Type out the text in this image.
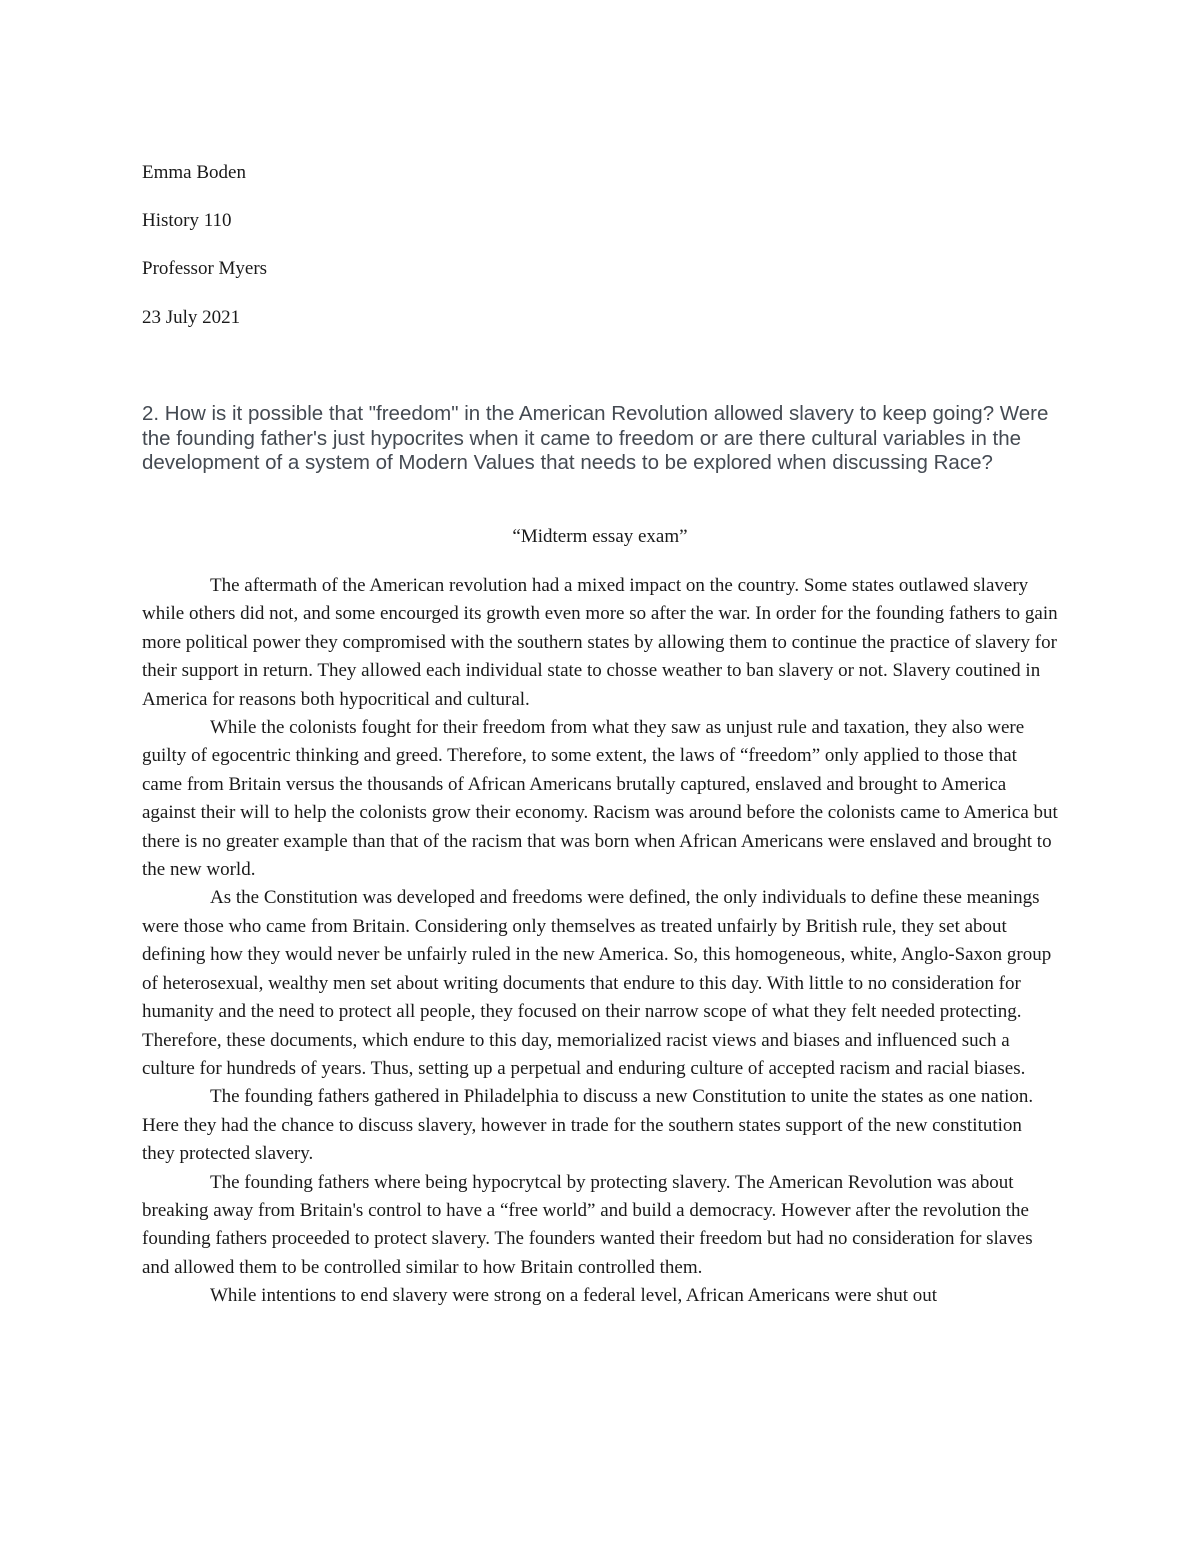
Emma Boden

History 110

Professor Myers

23 July 2021

2. How is it possible that "freedom" in the American Revolution allowed slavery to keep going? Were the founding father's just hypocrites when it came to freedom or are there cultural variables in the development of a system of Modern Values that needs to be explored when discussing Race?

“Midterm essay exam”

The aftermath of the American revolution had a mixed impact on the country. Some states outlawed slavery while others did not, and some encourged its growth even more so after the war. In order for the founding fathers to gain more political power they compromised with the southern states by allowing them to continue the practice of slavery for their support in return. They allowed each individual state to chosse weather to ban slavery or not. Slavery coutined in America for reasons both hypocritical and cultural.

While the colonists fought for their freedom from what they saw as unjust rule and taxation, they also were guilty of egocentric thinking and greed. Therefore, to some extent, the laws of “freedom” only applied to those that came from Britain versus the thousands of African Americans brutally captured, enslaved and brought to America against their will to help the colonists grow their economy. Racism was around before the colonists came to America but there is no greater example than that of the racism that was born when African Americans were enslaved and brought to the new world.

As the Constitution was developed and freedoms were defined, the only individuals to define these meanings were those who came from Britain. Considering only themselves as treated unfairly by British rule, they set about defining how they would never be unfairly ruled in the new America. So, this homogeneous, white, Anglo-Saxon group of heterosexual, wealthy men set about writing documents that endure to this day. With little to no consideration for humanity and the need to protect all people, they focused on their narrow scope of what they felt needed protecting. Therefore, these documents, which endure to this day, memorialized racist views and biases and influenced such a culture for hundreds of years. Thus, setting up a perpetual and enduring culture of accepted racism and racial biases.

The founding fathers gathered in Philadelphia to discuss a new Constitution to unite the states as one nation. Here they had the chance to discuss slavery, however in trade for the southern states support of the new constitution they protected slavery.

The founding fathers where being hypocrytcal by protecting slavery. The American Revolution was about breaking away from Britain's control to have a “free world” and build a democracy. However after the revolution the founding fathers proceeded to protect slavery. The founders wanted their freedom but had no consideration for slaves and allowed them to be controlled similar to how Britain controlled them.

While intentions to end slavery were strong on a federal level, African Americans were shut out
